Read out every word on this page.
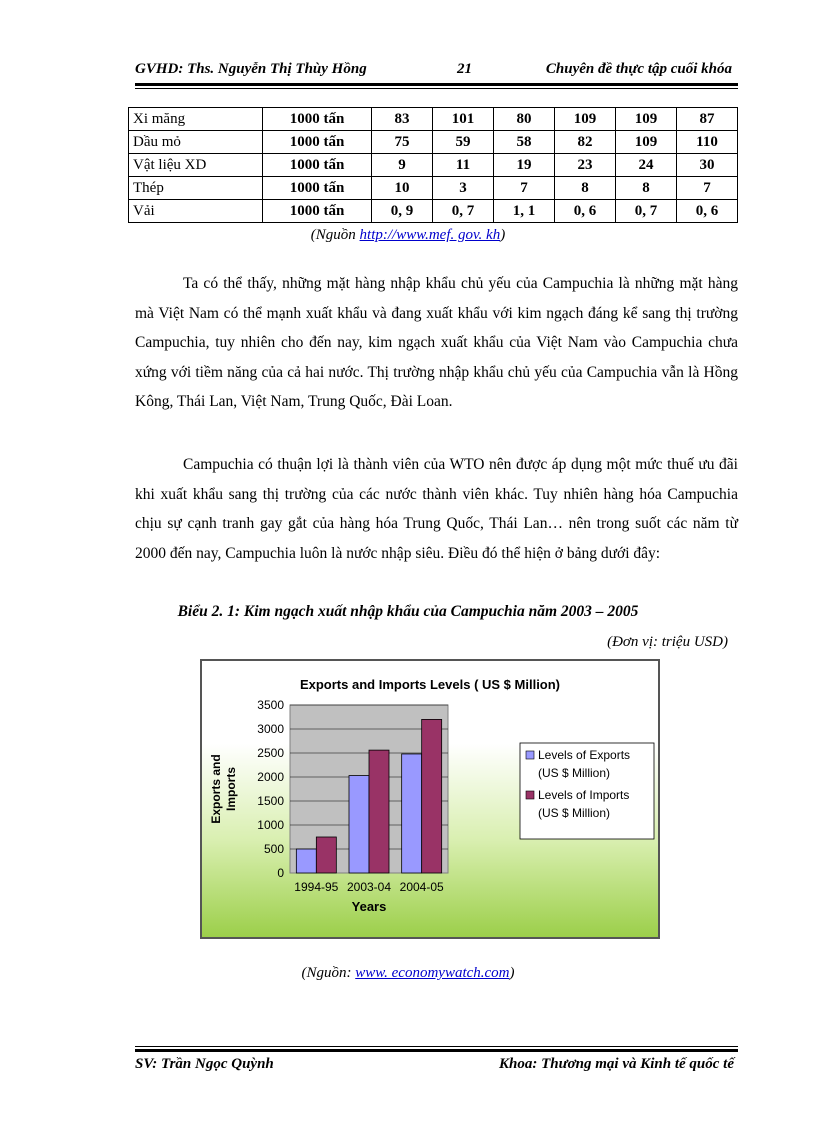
GVHD: Ths. Nguyễn Thị Thùy Hồng	21	Chuyên đề thực tập cuối khóa
Xi măng	1000 tấn	83	101	80	109	109	87
Dầu mỏ	1000 tấn	75	59	58	82	109	110
Vật liệu XD	1000 tấn	9	11	19	23	24	30
Thép	1000 tấn	10	3	7	8	8	7
Vải	1000 tấn	0, 9	0, 7	1, 1	0, 6	0, 7	0, 6
(Nguồn http://www.mef. gov. kh)

Ta có thể thấy, những mặt hàng nhập khẩu chủ yếu của Campuchia là những mặt hàng mà Việt Nam có thể mạnh xuất khẩu và đang xuất khẩu với kim ngạch đáng kể sang thị trường Campuchia, tuy nhiên cho đến nay, kim ngạch xuất khẩu của Việt Nam vào Campuchia chưa xứng với tiềm năng của cả hai nước. Thị trường nhập khẩu chủ yếu của Campuchia vẫn là Hồng Kông, Thái Lan, Việt Nam, Trung Quốc, Đài Loan.

Campuchia có thuận lợi là thành viên của WTO nên được áp dụng một mức thuế ưu đãi khi xuất khẩu sang thị trường của các nước thành viên khác. Tuy nhiên hàng hóa Campuchia chịu sự cạnh tranh gay gắt của hàng hóa Trung Quốc, Thái Lan… nên trong suốt các năm từ 2000 đến nay, Campuchia luôn là nước nhập siêu. Điều đó thể hiện ở bảng dưới đây:

Biểu 2. 1: Kim ngạch xuất nhập khẩu của Campuchia năm 2003 – 2005
(Đơn vị: triệu USD)
Exports and Imports Levels ( US $ Million)
0
500
1000
1500
2000
2500
3000
3500
Exports andImports
1994-95 2003-04 2004-05
Years
Levels of Exports (US $ Million)
Levels of Imports (US $ Million)
(Nguồn: www. economywatch.com)
SV: Trần Ngọc Quỳnh	Khoa: Thương mại và Kinh tế quốc tế
